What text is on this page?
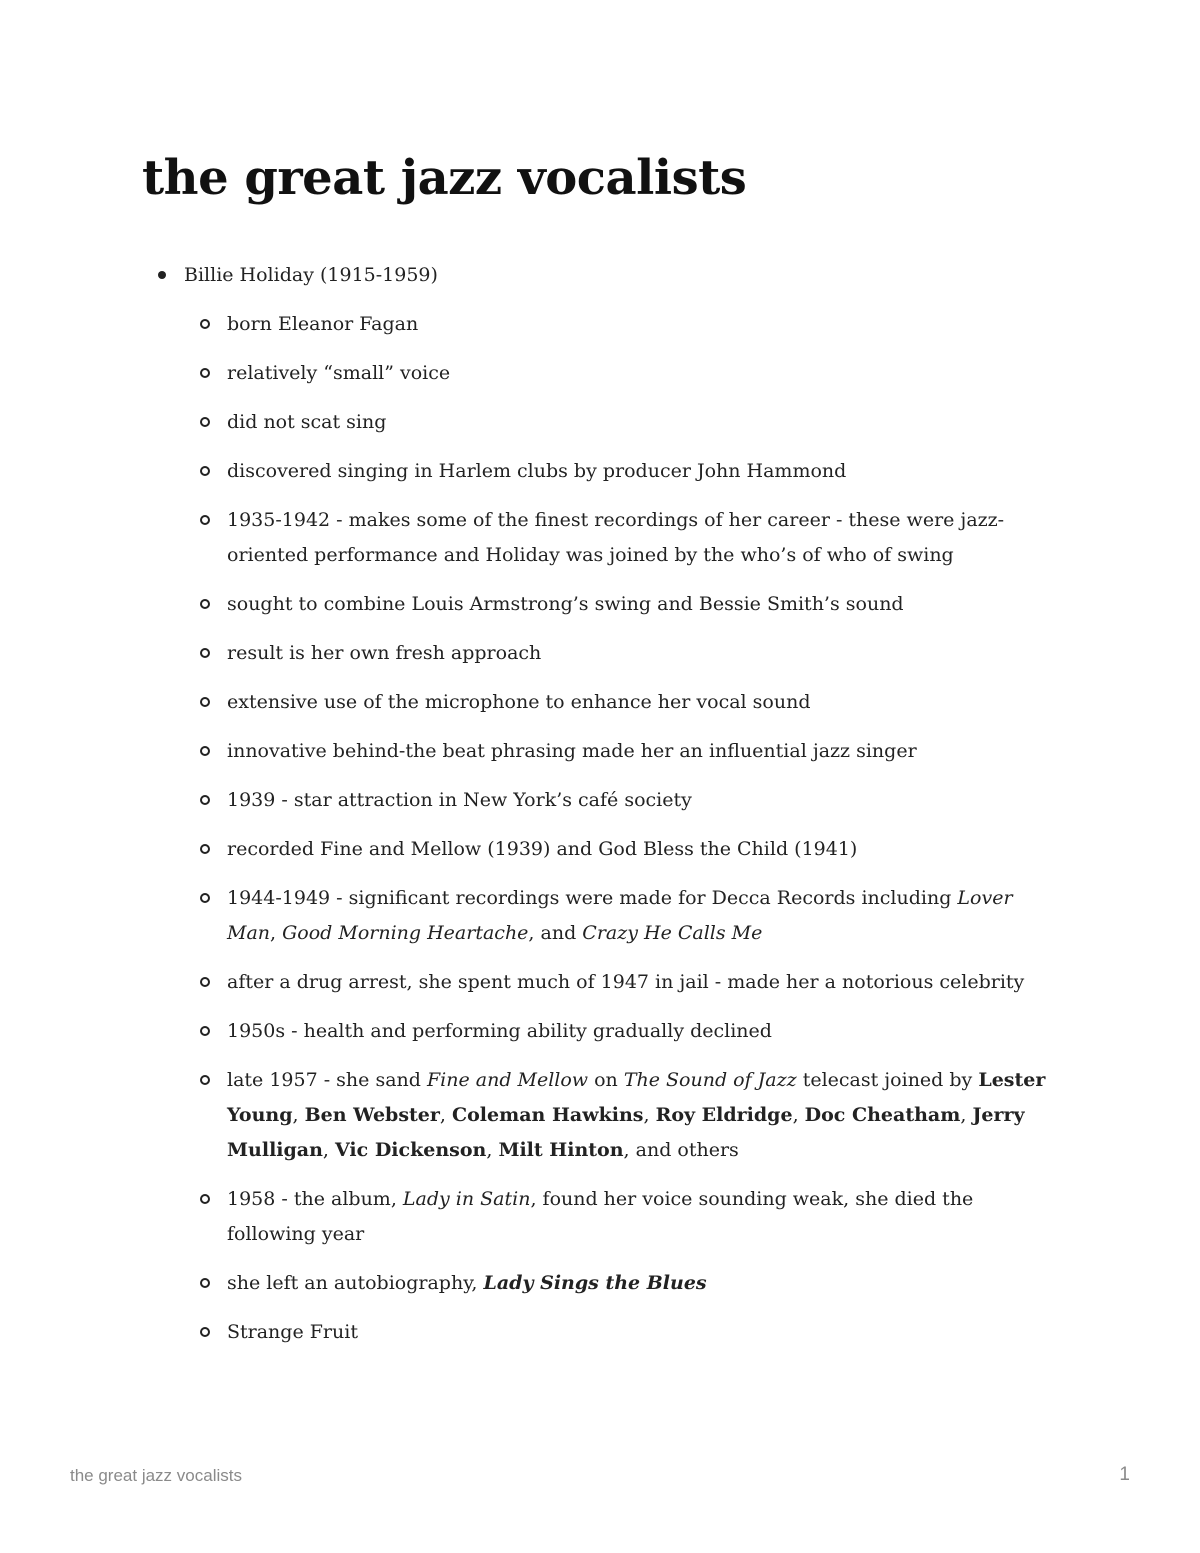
the great jazz vocalists
Billie Holiday (1915-1959)
born Eleanor Fagan
relatively “small” voice
did not scat sing
discovered singing in Harlem clubs by producer John Hammond
1935-1942 - makes some of the finest recordings of her career - these were jazz-oriented performance and Holiday was joined by the who’s of who of swing
sought to combine Louis Armstrong’s swing and Bessie Smith’s sound
result is her own fresh approach
extensive use of the microphone to enhance her vocal sound
innovative behind-the beat phrasing made her an influential jazz singer
1939 - star attraction in New York’s café society
recorded Fine and Mellow (1939) and God Bless the Child (1941)
1944-1949 - significant recordings were made for Decca Records including Lover Man, Good Morning Heartache, and Crazy He Calls Me
after a drug arrest, she spent much of 1947 in jail - made her a notorious celebrity
1950s - health and performing ability gradually declined
late 1957 - she sand Fine and Mellow on The Sound of Jazz telecast joined by Lester Young, Ben Webster, Coleman Hawkins, Roy Eldridge, Doc Cheatham, Jerry Mulligan, Vic Dickenson, Milt Hinton, and others
1958 - the album, Lady in Satin, found her voice sounding weak, she died the following year
she left an autobiography, Lady Sings the Blues
Strange Fruit
the great jazz vocalists	1
